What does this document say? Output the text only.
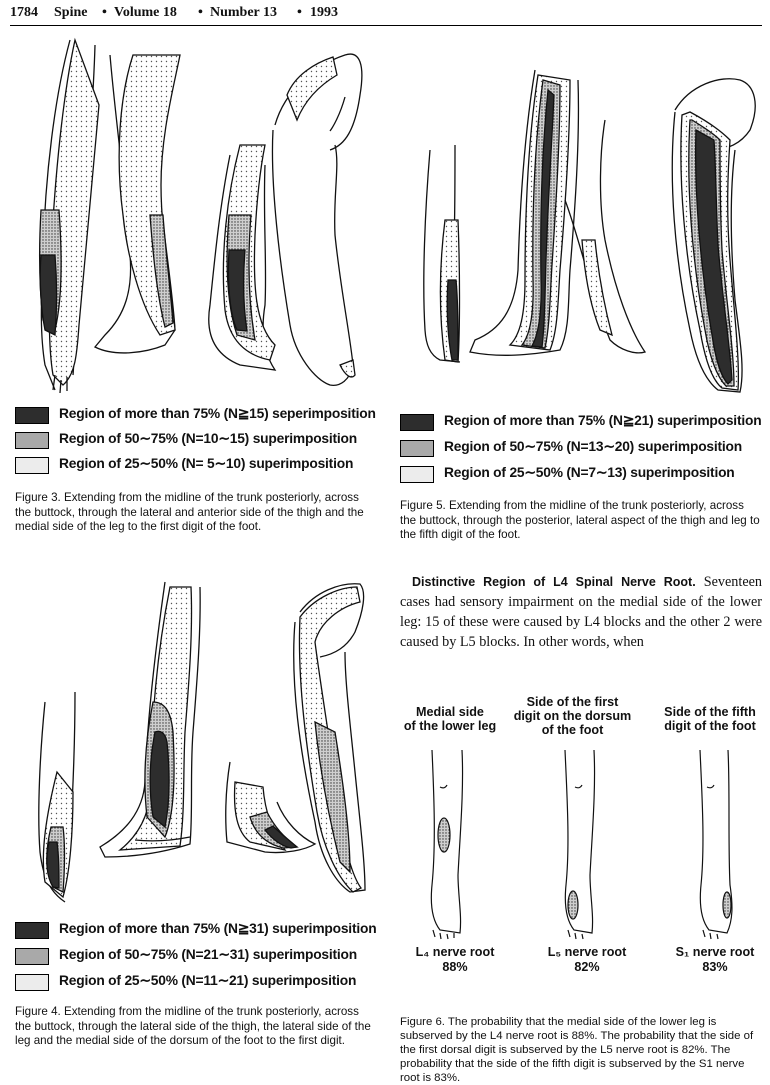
1784 Spine • Volume 18 • Number 13 • 1993
Region of more than 75% (N≧15) seperimposition
Region of 50∼75% (N=10∼15) superimposition
Region of 25∼50% (N= 5∼10) superimposition
Figure 3. Extending from the midline of the trunk posteriorly, across the buttock, through the lateral and anterior side of the thigh and the medial side of the leg to the first digit of the foot.
Region of more than 75% (N≧21) superimposition
Region of 50∼75% (N=13∼20) superimposition
Region of 25∼50% (N=7∼13) superimposition
Figure 5. Extending from the midline of the trunk posteriorly, across the buttock, through the posterior, lateral aspect of the thigh and leg to the fifth digit of the foot.
Region of more than 75% (N≧31) superimposition
Region of 50∼75% (N=21∼31) superimposition
Region of 25∼50% (N=11∼21) superimposition
Figure 4. Extending from the midline of the trunk posteriorly, across the buttock, through the lateral side of the thigh, the lateral side of the leg and the medial side of the dorsum of the foot to the first digit.
Distinctive Region of L4 Spinal Nerve Root. Seventeen cases had sensory impairment on the medial side of the lower leg: 15 of these were caused by L4 blocks and the other 2 were caused by L5 blocks. In other words, when
Medial side
of the lower leg
Side of the first
digit on the dorsum
of the foot
Side of the fifth
digit of the foot
L₄ nerve root
88%
L₅ nerve root
82%
S₁ nerve root
83%
Figure 6. The probability that the medial side of the lower leg is subserved by the L4 nerve root is 88%. The probability that the side of the first dorsal digit is subserved by the L5 nerve root is 82%. The probability that the side of the fifth digit is subserved by the S1 nerve root is 83%.
